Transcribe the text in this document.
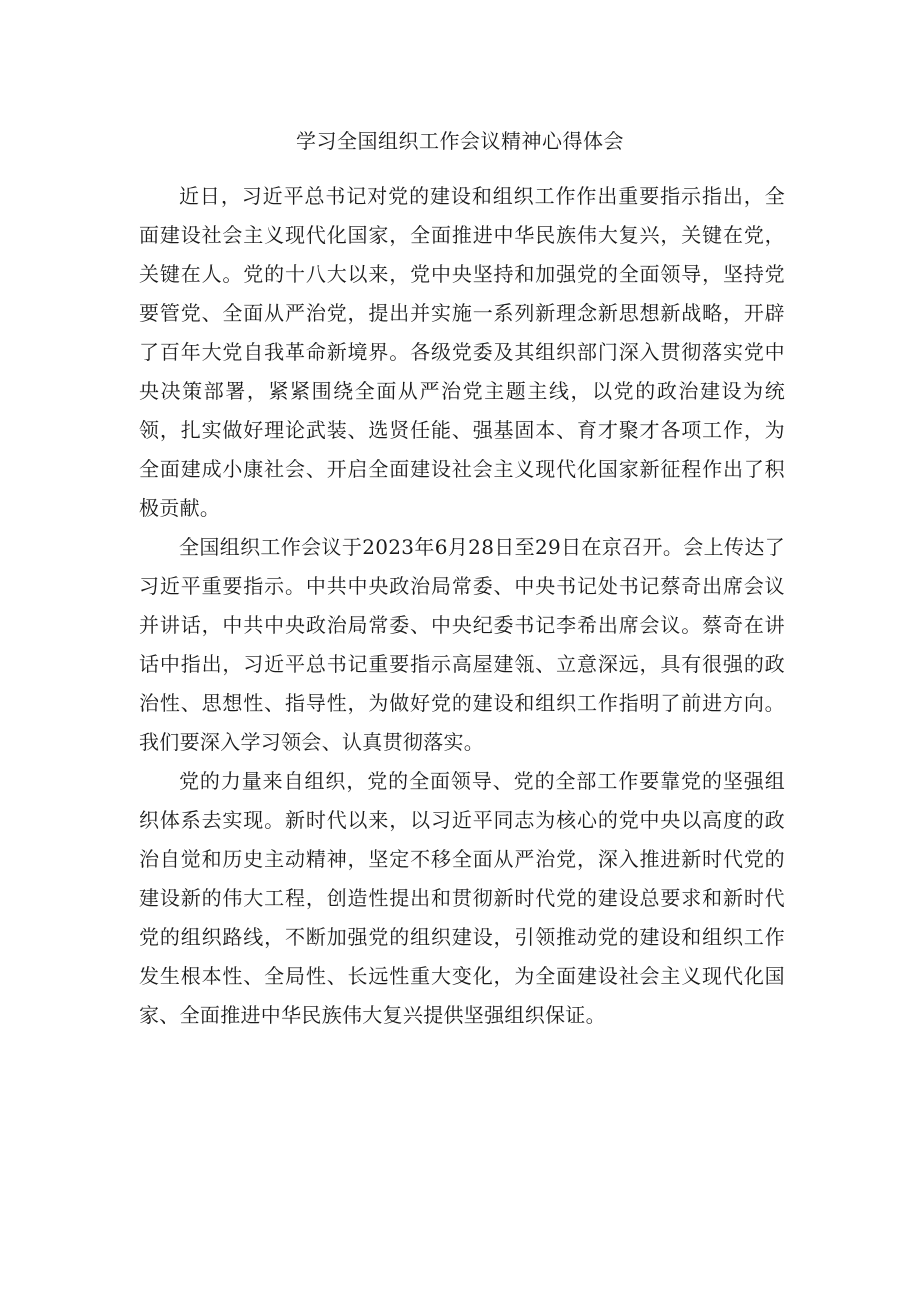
学习全国组织工作会议精神心得体会

近日，习近平总书记对党的建设和组织工作作出重要指示指出，全面建设社会主义现代化国家，全面推进中华民族伟大复兴，关键在党，关键在人。党的十八大以来，党中央坚持和加强党的全面领导，坚持党要管党、全面从严治党，提出并实施一系列新理念新思想新战略，开辟了百年大党自我革命新境界。各级党委及其组织部门深入贯彻落实党中央决策部署，紧紧围绕全面从严治党主题主线，以党的政治建设为统领，扎实做好理论武装、选贤任能、强基固本、育才聚才各项工作，为全面建成小康社会、开启全面建设社会主义现代化国家新征程作出了积极贡献。

全国组织工作会议于2023年6月28日至29日在京召开。会上传达了习近平重要指示。中共中央政治局常委、中央书记处书记蔡奇出席会议并讲话，中共中央政治局常委、中央纪委书记李希出席会议。蔡奇在讲话中指出，习近平总书记重要指示高屋建瓴、立意深远，具有很强的政治性、思想性、指导性，为做好党的建设和组织工作指明了前进方向。我们要深入学习领会、认真贯彻落实。

党的力量来自组织，党的全面领导、党的全部工作要靠党的坚强组织体系去实现。新时代以来，以习近平同志为核心的党中央以高度的政治自觉和历史主动精神，坚定不移全面从严治党，深入推进新时代党的建设新的伟大工程，创造性提出和贯彻新时代党的建设总要求和新时代党的组织路线，不断加强党的组织建设，引领推动党的建设和组织工作发生根本性、全局性、长远性重大变化，为全面建设社会主义现代化国家、全面推进中华民族伟大复兴提供坚强组织保证。
